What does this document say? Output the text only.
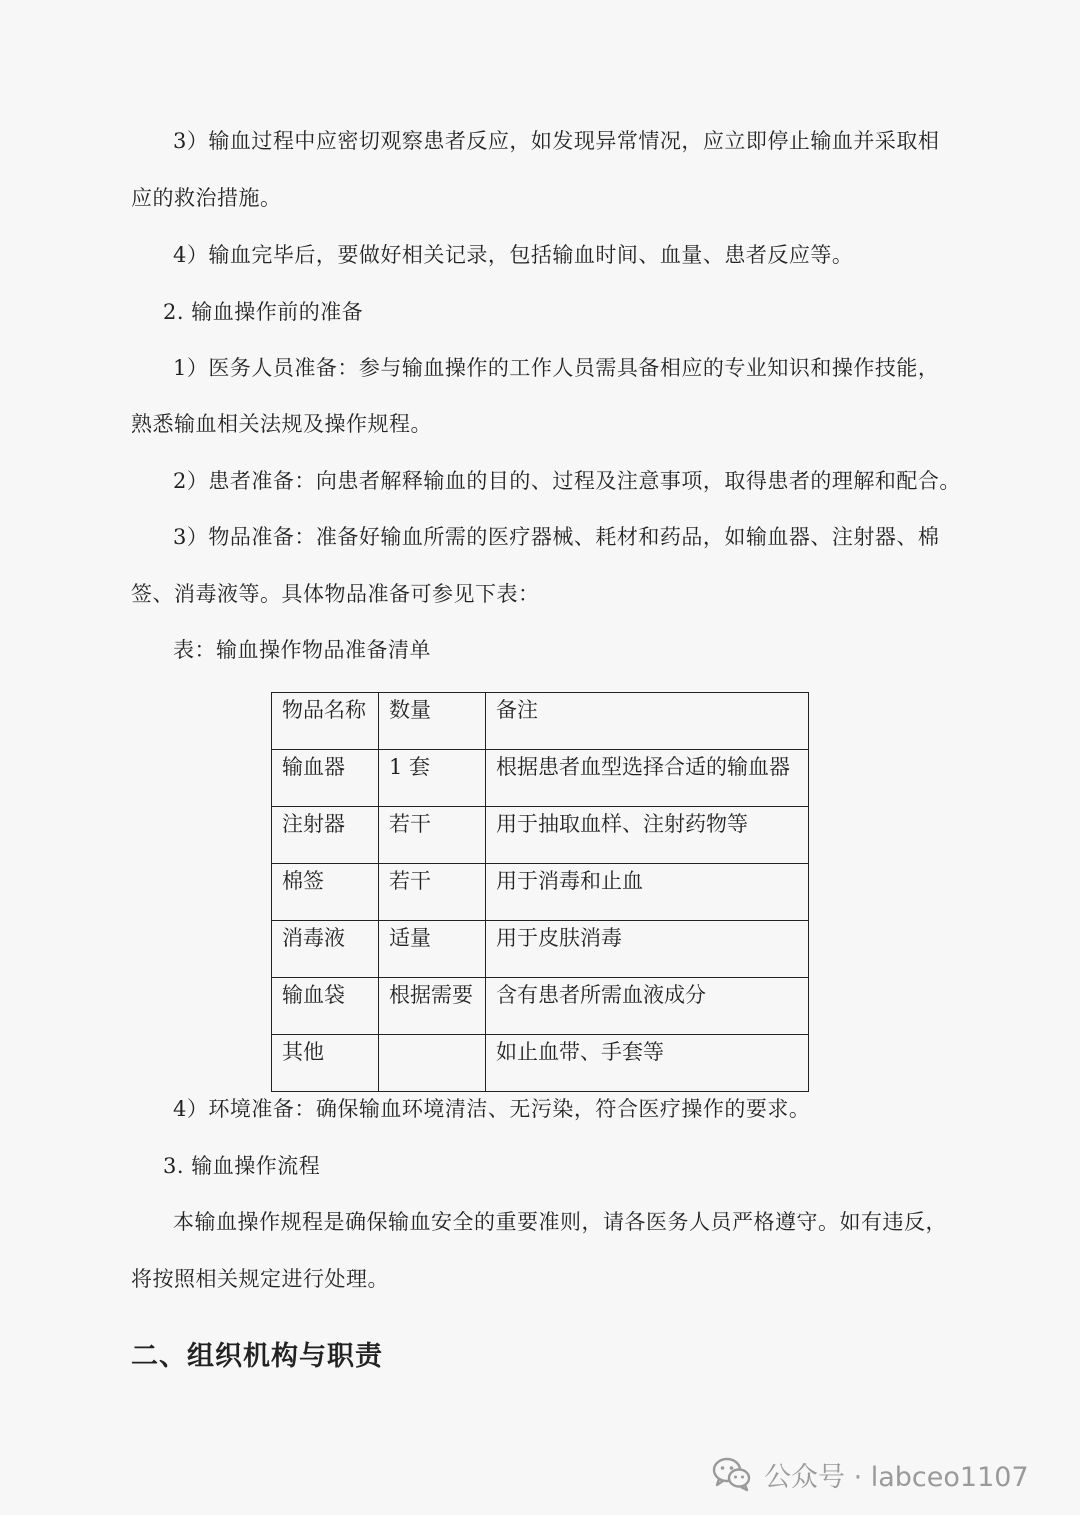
3）输血过程中应密切观察患者反应，如发现异常情况，应立即停止输血并采取相
应的救治措施。
4）输血完毕后，要做好相关记录，包括输血时间、血量、患者反应等。
2. 输血操作前的准备
1）医务人员准备：参与输血操作的工作人员需具备相应的专业知识和操作技能，
熟悉输血相关法规及操作规程。
2）患者准备：向患者解释输血的目的、过程及注意事项，取得患者的理解和配合。
3）物品准备：准备好输血所需的医疗器械、耗材和药品，如输血器、注射器、棉
签、消毒液等。具体物品准备可参见下表：
表：输血操作物品准备清单
物品名称	数量	备注
输血器	1 套	根据患者血型选择合适的输血器
注射器	若干	用于抽取血样、注射药物等
棉签	若干	用于消毒和止血
消毒液	适量	用于皮肤消毒
输血袋	根据需要	含有患者所需血液成分
其他		如止血带、手套等
4）环境准备：确保输血环境清洁、无污染，符合医疗操作的要求。
3. 输血操作流程
本输血操作规程是确保输血安全的重要准则，请各医务人员严格遵守。如有违反，
将按照相关规定进行处理。
二、组织机构与职责
公众号 · labceo1107
